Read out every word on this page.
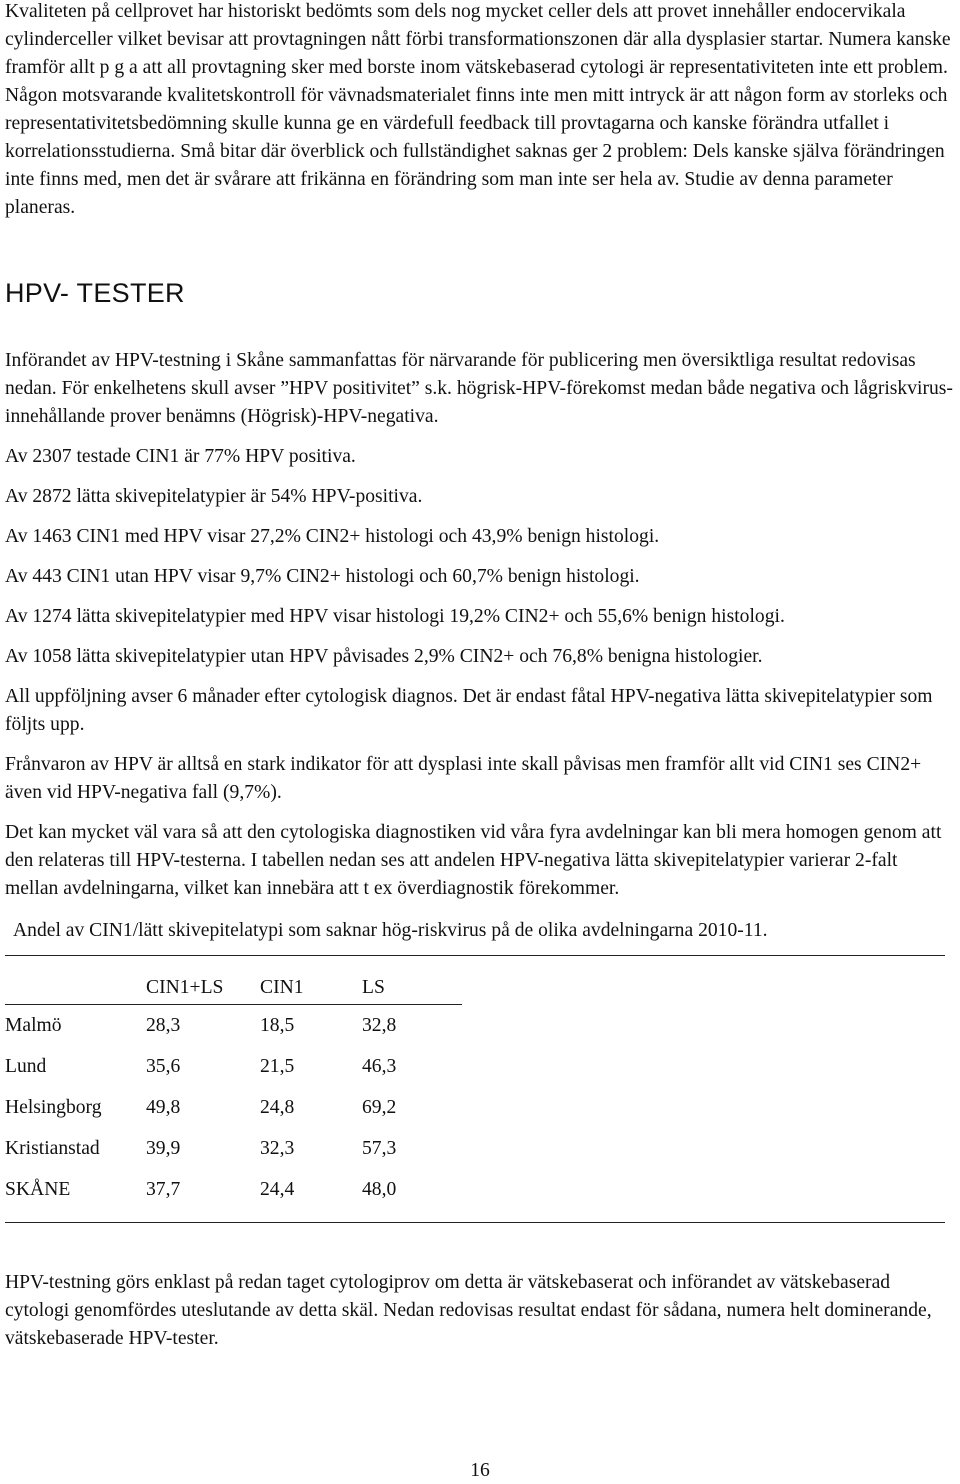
Kvaliteten på cellprovet har historiskt bedömts som dels nog mycket celler dels att provet innehåller endocervikala cylinderceller vilket bevisar att provtagningen nått förbi transformationszonen där alla dysplasier startar. Numera kanske framför allt p g a att all provtagning sker med borste inom vätskebaserad cytologi är representativiteten inte ett problem. Någon motsvarande kvalitetskontroll för vävnadsmaterialet finns inte men mitt intryck är att någon form av storleks och representativitetsbedömning skulle kunna ge en värdefull feedback till provtagarna och kanske förändra utfallet i korrelationsstudierna. Små bitar där överblick och fullständighet saknas ger 2 problem: Dels kanske själva förändringen inte finns med, men det är svårare att frikänna en förändring som man inte ser hela av. Studie av denna parameter planeras.

HPV- TESTER

Införandet av HPV-testning i Skåne sammanfattas för närvarande för publicering men översiktliga resultat redovisas nedan. För enkelhetens skull avser ”HPV positivitet” s.k. högrisk-HPV-förekomst medan både negativa och lågriskvirus-innehållande prover benämns (Högrisk)-HPV-negativa.

Av 2307 testade CIN1 är 77% HPV positiva.

Av 2872 lätta skivepitelatypier är 54% HPV-positiva.

Av 1463 CIN1 med HPV visar 27,2% CIN2+ histologi och 43,9% benign histologi.

Av 443 CIN1 utan HPV visar 9,7% CIN2+ histologi och 60,7% benign histologi.

Av 1274 lätta skivepitelatypier med HPV visar histologi 19,2% CIN2+ och 55,6% benign histologi.

Av 1058 lätta skivepitelatypier utan HPV påvisades 2,9% CIN2+ och 76,8% benigna histologier.

All uppföljning avser 6 månader efter cytologisk diagnos. Det är endast fåtal HPV-negativa lätta skivepitelatypier som följts upp.

Frånvaron av HPV är alltså en stark indikator för att dysplasi inte skall påvisas men framför allt vid CIN1 ses CIN2+ även vid HPV-negativa fall (9,7%).

Det kan mycket väl vara så att den cytologiska diagnostiken vid våra fyra avdelningar kan bli mera homogen genom att den relateras till HPV-testerna. I tabellen nedan ses att andelen HPV-negativa lätta skivepitelatypier varierar 2-falt mellan avdelningarna, vilket kan innebära att t ex överdiagnostik förekommer.

Andel av CIN1/lätt skivepitelatypi som saknar hög-riskvirus på de olika avdelningarna 2010-11.
	CIN1+LS	CIN1	LS
Malmö	28,3	18,5	32,8
Lund	35,6	21,5	46,3
Helsingborg	49,8	24,8	69,2
Kristianstad	39,9	32,3	57,3
SKÅNE	37,7	24,4	48,0

HPV-testning görs enklast på redan taget cytologiprov om detta är vätskebaserat och införandet av vätskebaserad cytologi genomfördes uteslutande av detta skäl. Nedan redovisas resultat endast för sådana, numera helt dominerande, vätskebaserade HPV-tester.

16
